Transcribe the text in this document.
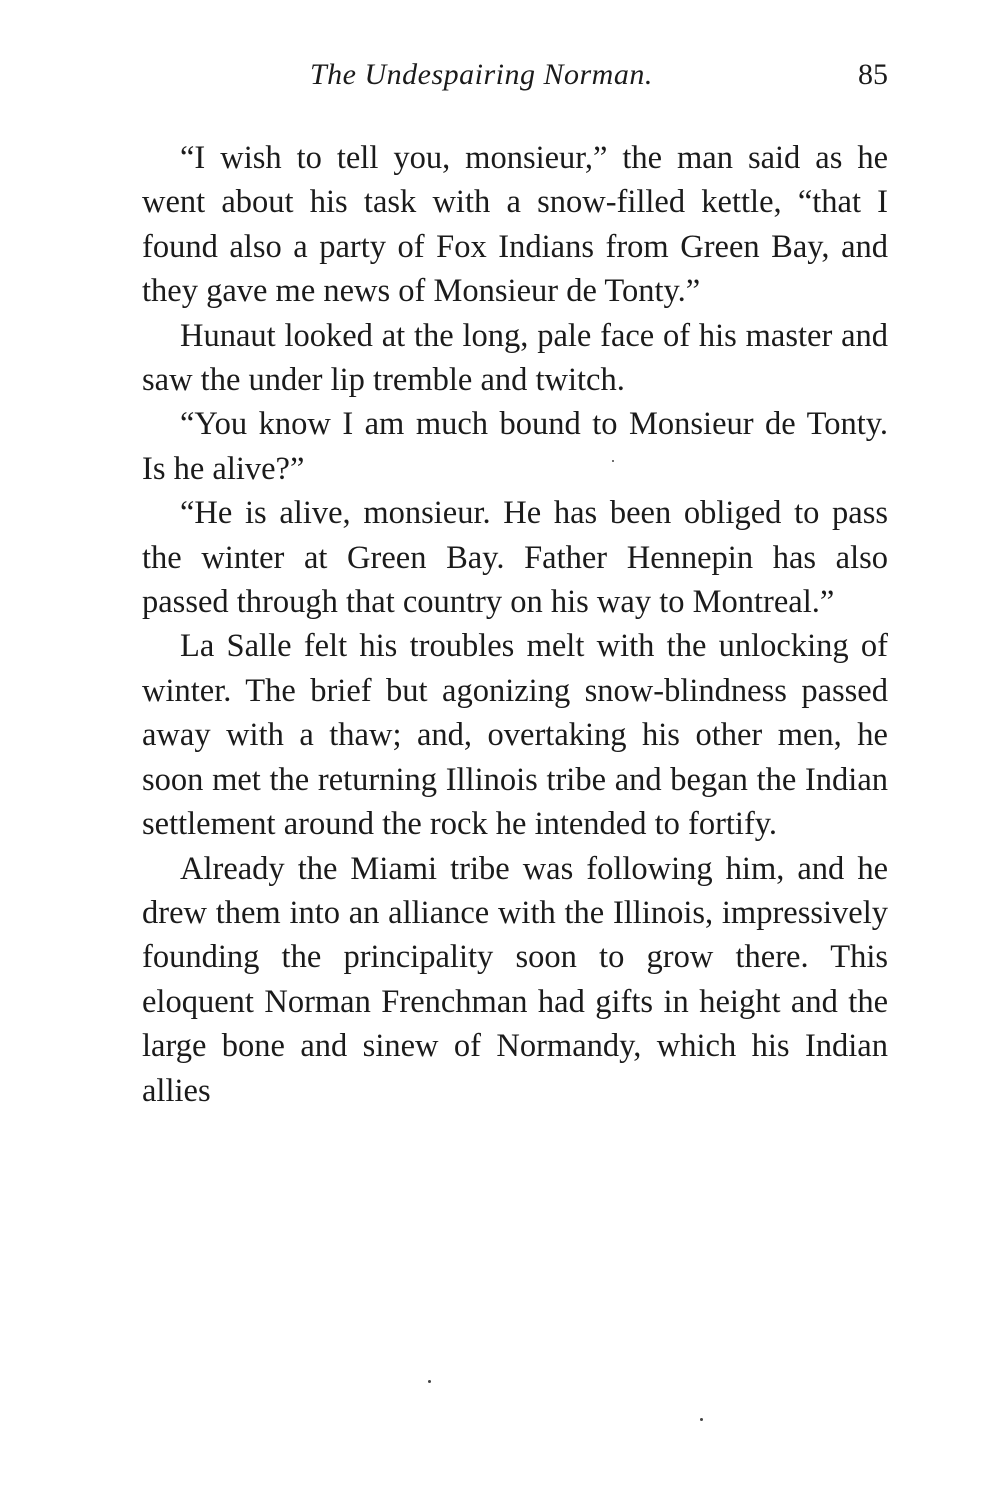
The Undespairing Norman.	85

“I wish to tell you, monsieur,” the man said as he went about his task with a snow-filled kettle, “that I found also a party of Fox Indians from Green Bay, and they gave me news of Monsieur de Tonty.”

Hunaut looked at the long, pale face of his master and saw the under lip tremble and twitch.

“You know I am much bound to Monsieur de Tonty. Is he alive?”

“He is alive, monsieur. He has been obliged to pass the winter at Green Bay. Father Hennepin has also passed through that country on his way to Montreal.”

La Salle felt his troubles melt with the unlocking of winter. The brief but agonizing snow-blindness passed away with a thaw; and, overtaking his other men, he soon met the returning Illinois tribe and began the Indian settlement around the rock he intended to fortify.

Already the Miami tribe was following him, and he drew them into an alliance with the Illinois, impressively founding the principality soon to grow there. This eloquent Norman Frenchman had gifts in height and the large bone and sinew of Normandy, which his Indian allies
